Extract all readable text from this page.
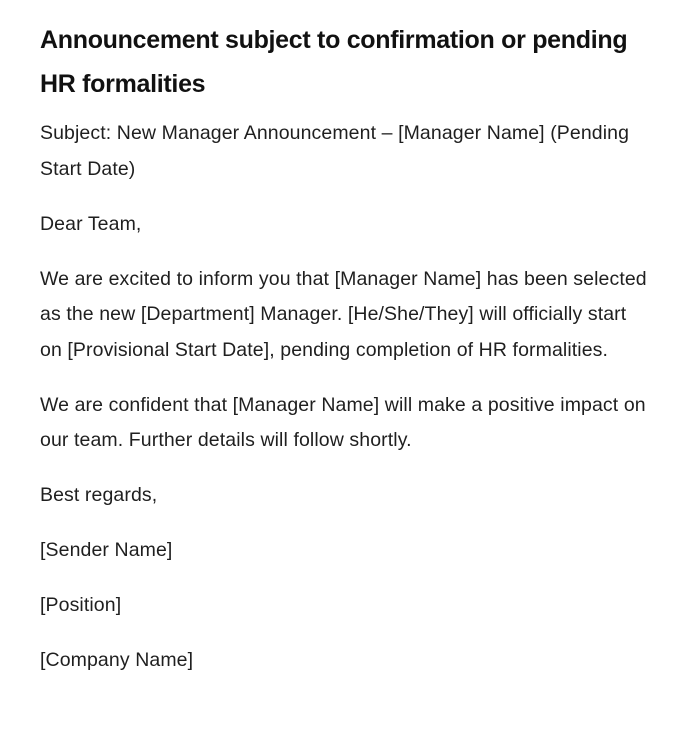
Announcement subject to confirmation or pending HR formalities

Subject: New Manager Announcement – [Manager Name] (Pending Start Date)

Dear Team,

We are excited to inform you that [Manager Name] has been selected as the new [Department] Manager. [He/She/They] will officially start on [Provisional Start Date], pending completion of HR formalities.

We are confident that [Manager Name] will make a positive impact on our team. Further details will follow shortly.

Best regards,

[Sender Name]

[Position]

[Company Name]
